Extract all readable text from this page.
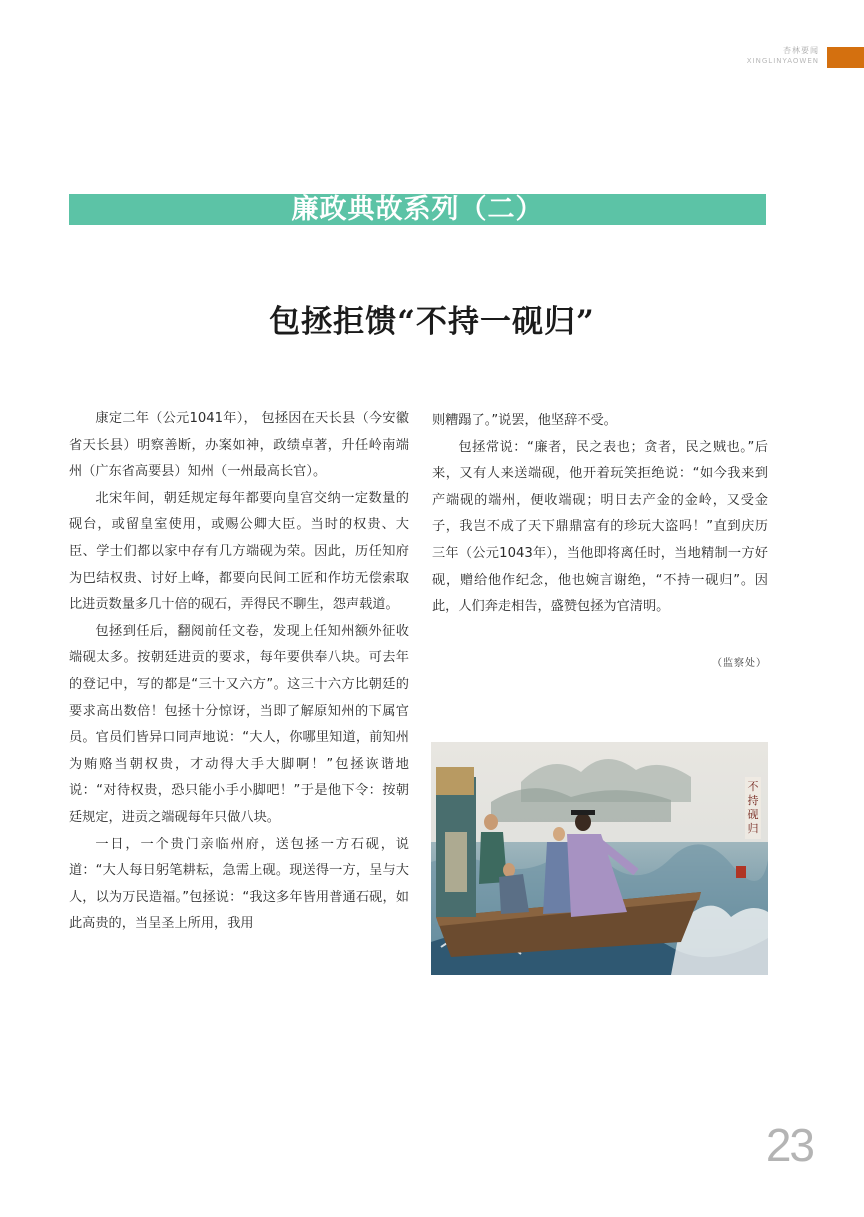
杏林要闻
XINGLINYAOWEN
廉政典故系列（二）
包拯拒馈“不持一砚归”

康定二年（公元1041年）， 包拯因在天长县（今安徽省天长县）明察善断，办案如神，政绩卓著，升任岭南端州（广东省高要县）知州（一州最高长官）。

北宋年间，朝廷规定每年都要向皇宫交纳一定数量的砚台，或留皇室使用，或赐公卿大臣。当时的权贵、大臣、学士们都以家中存有几方端砚为荣。因此，历任知府为巴结权贵、讨好上峰，都要向民间工匠和作坊无偿索取比进贡数量多几十倍的砚石，弄得民不聊生，怨声载道。

包拯到任后，翻阅前任文卷，发现上任知州额外征收端砚太多。按朝廷进贡的要求，每年要供奉八块。可去年的登记中，写的都是“三十又六方”。这三十六方比朝廷的要求高出数倍！包拯十分惊讶，当即了解原知州的下属官员。官员们皆异口同声地说：“大人，你哪里知道，前知州为贿赂当朝权贵，才动得大手大脚啊！”包拯诙谐地说：“对待权贵，恐只能小手小脚吧！”于是他下令：按朝廷规定，进贡之端砚每年只做八块。

一日，一个贵门亲临州府，送包拯一方石砚，说道：“大人每日躬笔耕耘，急需上砚。现送得一方，呈与大人，以为万民造福。”包拯说：“我这多年皆用普通石砚，如此高贵的，当呈圣上所用，我用

则糟蹋了。”说罢，他坚辞不受。

包拯常说：“廉者，民之表也；贪者，民之贼也。”后来，又有人来送端砚，他开着玩笑拒绝说：“如今我来到产端砚的端州，便收端砚；明日去产金的金岭，又受金子，我岂不成了天下鼎鼎富有的珍玩大盗吗！”直到庆历三年（公元1043年），当他即将离任时，当地精制一方好砚，赠给他作纪念，他也婉言谢绝，“不持一砚归”。因此，人们奔走相告，盛赞包拯为官清明。

（监察处）
不持砚归
23
